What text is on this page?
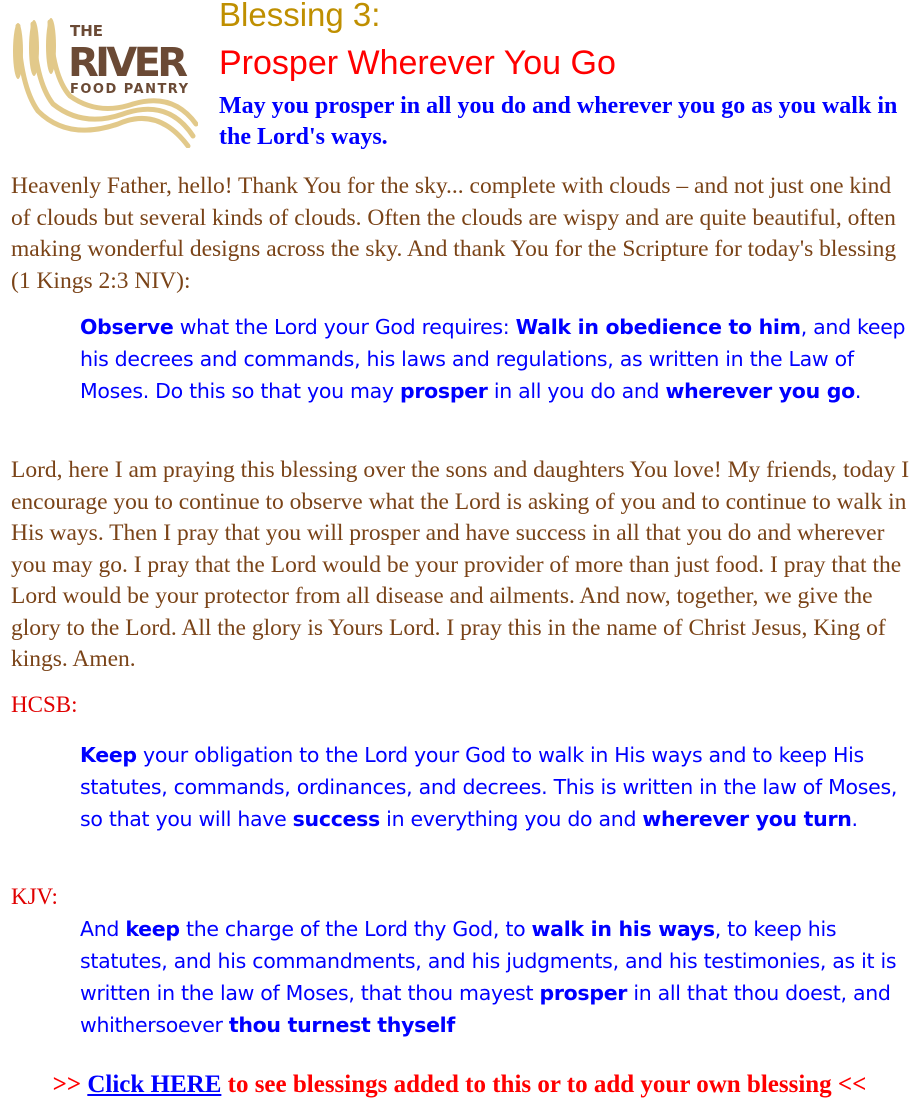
THE
RIVER
FOOD PANTRY
Blessing 3:
Prosper Wherever You Go
May you prosper in all you do and wherever you go as you walk in the Lord's ways.
Heavenly Father, hello! Thank You for the sky... complete with clouds – and not just one kind of clouds but several kinds of clouds. Often the clouds are wispy and are quite beautiful, often making wonderful designs across the sky. And thank You for the Scripture for today's blessing (1 Kings 2:3 NIV):
Observe what the Lord your God requires: Walk in obedience to him, and keep his decrees and commands, his laws and regulations, as written in the Law of Moses. Do this so that you may prosper in all you do and wherever you go.
Lord, here I am praying this blessing over the sons and daughters You love! My friends, today I encourage you to continue to observe what the Lord is asking of you and to continue to walk in His ways. Then I pray that you will prosper and have success in all that you do and wherever you may go. I pray that the Lord would be your provider of more than just food. I pray that the Lord would be your protector from all disease and ailments. And now, together, we give the glory to the Lord. All the glory is Yours Lord. I pray this in the name of Christ Jesus, King of kings. Amen.
HCSB:
Keep your obligation to the Lord your God to walk in His ways and to keep His statutes, commands, ordinances, and decrees. This is written in the law of Moses, so that you will have success in everything you do and wherever you turn.
KJV:
And keep the charge of the Lord thy God, to walk in his ways, to keep his statutes, and his commandments, and his judgments, and his testimonies, as it is written in the law of Moses, that thou mayest prosper in all that thou doest, and whithersoever thou turnest thyself
>> Click HERE to see blessings added to this or to add your own blessing <<
